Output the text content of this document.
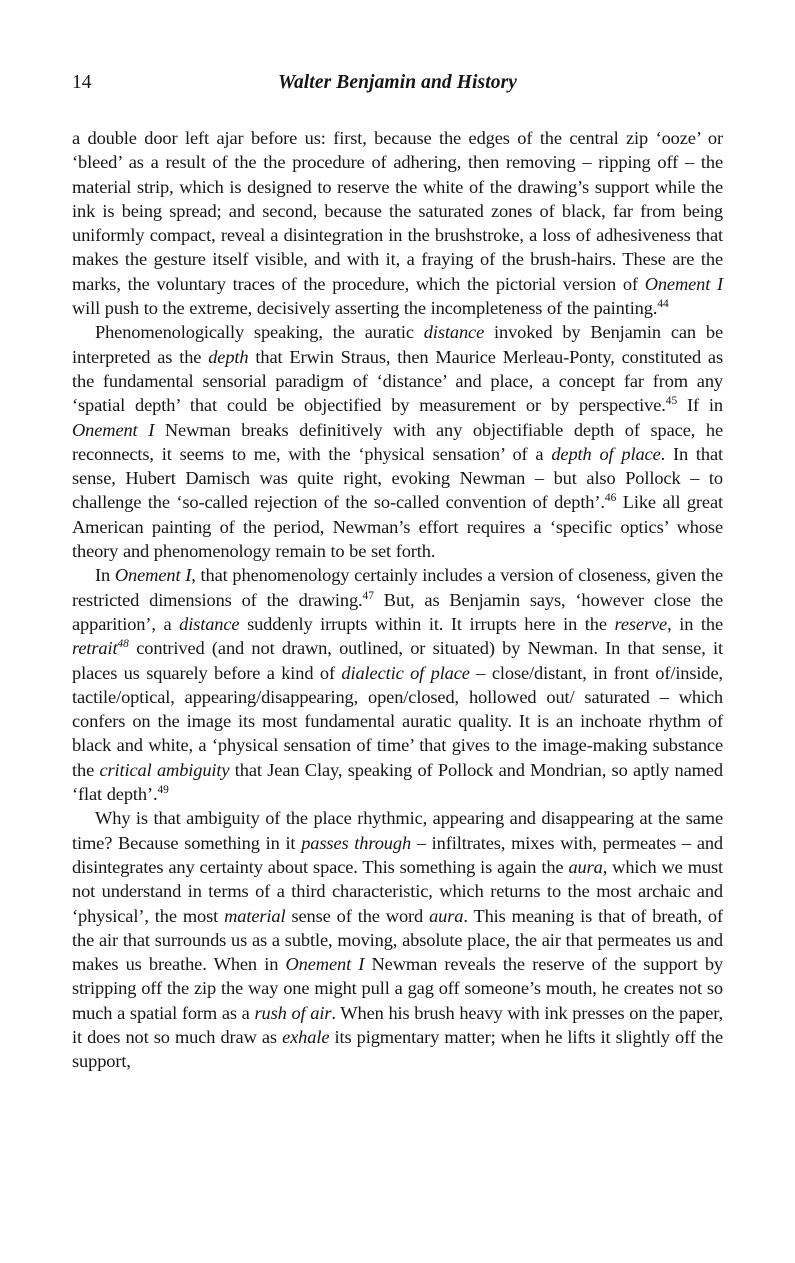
14	Walter Benjamin and History

a double door left ajar before us: first, because the edges of the central zip ‘ooze’ or ‘bleed’ as a result of the the procedure of adhering, then removing – ripping off – the material strip, which is designed to reserve the white of the drawing’s support while the ink is being spread; and second, because the saturated zones of black, far from being uniformly compact, reveal a disintegration in the brushstroke, a loss of adhesiveness that makes the gesture itself visible, and with it, a fraying of the brush-hairs. These are the marks, the voluntary traces of the procedure, which the pictorial version of Onement I will push to the extreme, decisively asserting the incompleteness of the painting.$^{44}$

Phenomenologically speaking, the auratic distance invoked by Benjamin can be interpreted as the depth that Erwin Straus, then Maurice Merleau-Ponty, constituted as the fundamental sensorial paradigm of ‘distance’ and place, a concept far from any ‘spatial depth’ that could be objectified by measurement or by perspective.$^{45}$ If in Onement I Newman breaks definitively with any objectifiable depth of space, he reconnects, it seems to me, with the ‘physical sensation’ of a depth of place. In that sense, Hubert Damisch was quite right, evoking Newman – but also Pollock – to challenge the ‘so-called rejection of the so-called convention of depth’.$^{46}$ Like all great American painting of the period, Newman’s effort requires a ‘specific optics’ whose theory and phenomenology remain to be set forth.

In Onement I, that phenomenology certainly includes a version of closeness, given the restricted dimensions of the drawing.$^{47}$ But, as Benjamin says, ‘however close the apparition’, a distance suddenly irrupts within it. It irrupts here in the reserve, in the retrait$^{48}$ contrived (and not drawn, outlined, or situated) by Newman. In that sense, it places us squarely before a kind of dialectic of place – close/distant, in front of/inside, tactile/optical, appearing/disappearing, open/closed, hollowed out/ saturated – which confers on the image its most fundamental auratic quality. It is an inchoate rhythm of black and white, a ‘physical sensation of time’ that gives to the image-making substance the critical ambiguity that Jean Clay, speaking of Pollock and Mondrian, so aptly named ‘flat depth’.$^{49}$

Why is that ambiguity of the place rhythmic, appearing and disappearing at the same time? Because something in it passes through – infiltrates, mixes with, permeates – and disintegrates any certainty about space. This something is again the aura, which we must not understand in terms of a third characteristic, which returns to the most archaic and ‘physical’, the most material sense of the word aura. This meaning is that of breath, of the air that surrounds us as a subtle, moving, absolute place, the air that permeates us and makes us breathe. When in Onement I Newman reveals the reserve of the support by stripping off the zip the way one might pull a gag off someone’s mouth, he creates not so much a spatial form as a rush of air. When his brush heavy with ink presses on the paper, it does not so much draw as exhale its pigmentary matter; when he lifts it slightly off the support,
